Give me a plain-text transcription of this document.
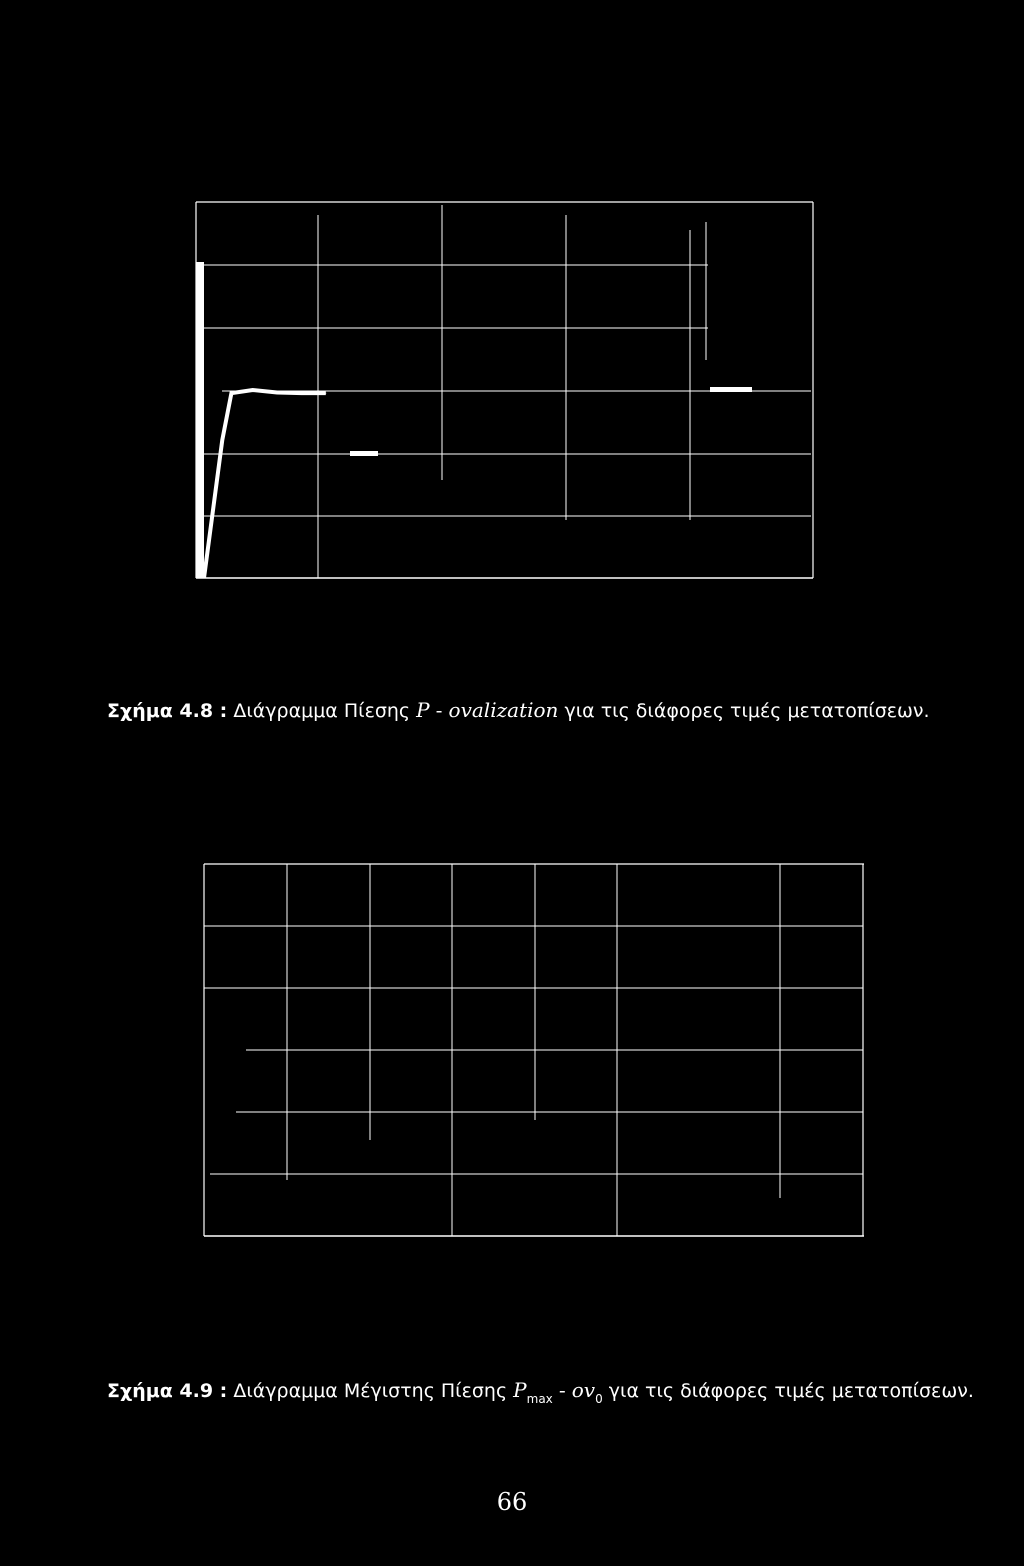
Σχήμα 4.8 : Διάγραμμα Πίεσης P - ovalization για τις διάφορες τιμές μετατοπίσεων.
Σχήμα 4.9 : Διάγραμμα Μέγιστης Πίεσης $P_{max} - ov_0$ για τις διάφορες τιμές μετατοπίσεων.
66
